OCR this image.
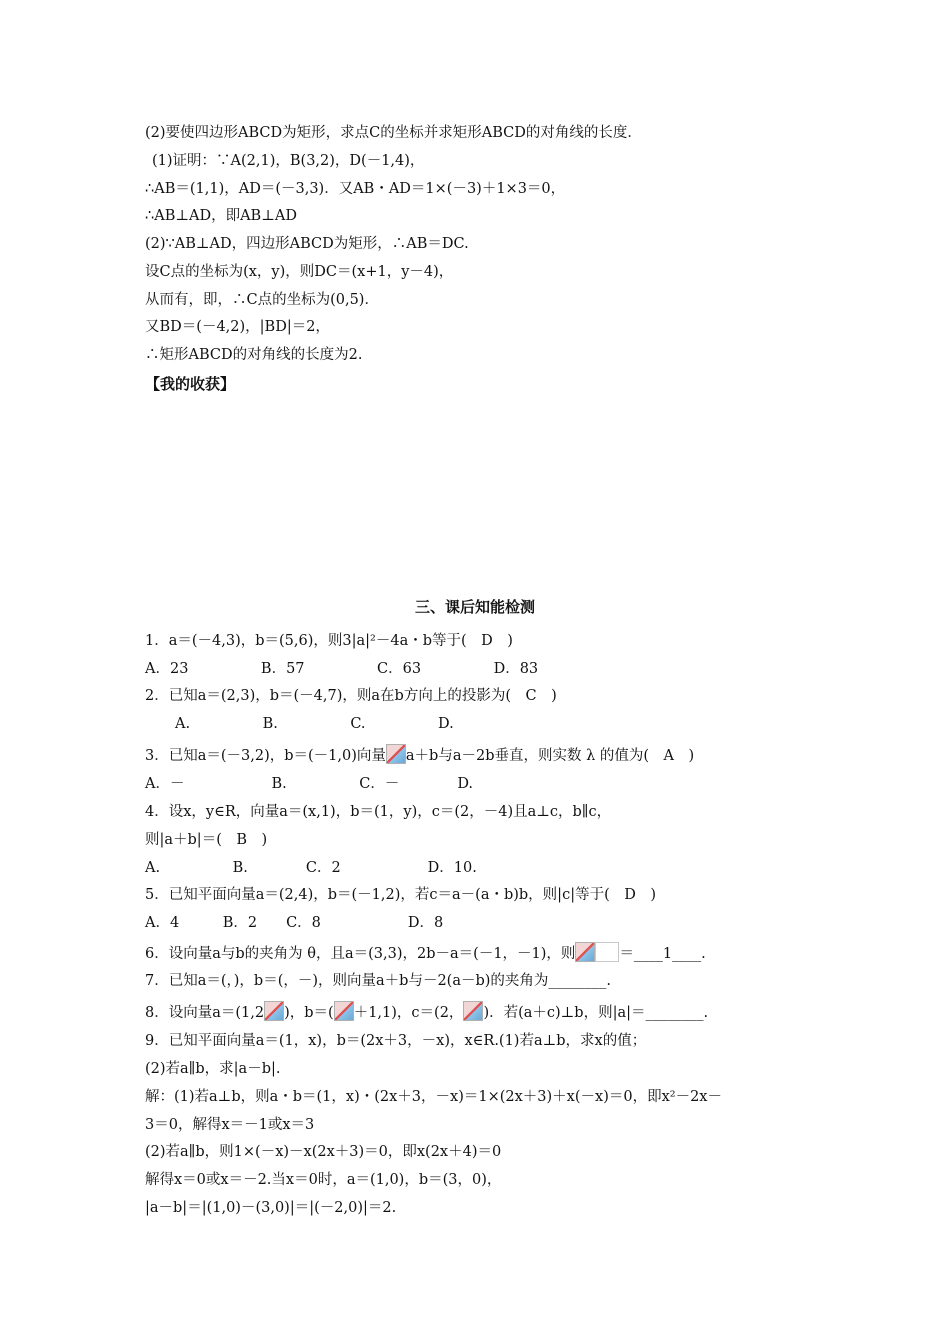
(2)要使四边形ABCD为矩形，求点C的坐标并求矩形ABCD的对角线的长度．
(1)证明：∵A(2,1)，B(3,2)，D(－1,4)，
∴AB＝(1,1)，AD＝(－3,3)．又AB・AD＝1×(－3)＋1×3＝0，
∴AB⊥AD，即AB⊥AD
(2)∵AB⊥AD，四边形ABCD为矩形，∴AB＝DC.
设C点的坐标为(x，y)，则DC＝(x+1，y－4)，
从而有，即，∴C点的坐标为(0,5)．
又BD＝(－4,2)，|BD|＝2，
∴矩形ABCD的对角线的长度为2.
【我的收获】
三、课后知能检测
1．a＝(－4,3)，b＝(5,6)，则3|a|²－4a・b等于(　D　)
A．23　　　　　B．57　　　　　C．63　　　　　D．83
2．已知a＝(2,3)，b＝(－4,7)，则a在b方向上的投影为(　C　)
A.　　　　　B.　　　　　C.　　　　　D.
3．已知a＝(－3,2)，b＝(－1,0)向量 a＋b与a－2b垂直，则实数 λ 的值为(　A　)
A．－　　　　　　B.　　　　　C．－　　　　D.
4．设x，y∈R，向量a＝(x,1)，b＝(1，y)，c＝(2，－4)且a⊥c，b∥c，
则|a＋b|＝(　B　)
A.　　　　　B.　　　　C．2　　　　　　D．10.
5．已知平面向量a＝(2,4)，b＝(－1,2)，若c＝a－(a・b)b，则|c|等于(　D　)
A．4　　　B．2　　C．8　　　　　　D．8
6．设向量a与b的夹角为 θ，且a＝(3,3)，2b－a＝(－1，－1)，则	＝____1____.
7．已知a＝(，)，b＝(，－)，则向量a＋b与－2(a－b)的夹角为________.
8．设向量a＝(1,2 )，b＝( ＋1,1)，c＝(2， )．若(a＋c)⊥b，则|a|＝________.
9．已知平面向量a＝(1，x)，b＝(2x＋3，－x)，x∈R.(1)若a⊥b，求x的值；
(2)若a∥b，求|a－b|.
解：(1)若a⊥b，则a・b＝(1，x)・(2x＋3，－x)＝1×(2x＋3)＋x(－x)＝0，即x²－2x－
3＝0，解得x＝－1或x＝3
(2)若a∥b，则1×(－x)－x(2x＋3)＝0，即x(2x＋4)＝0
解得x＝0或x＝－2.当x＝0时，a＝(1,0)，b＝(3，0)，
|a－b|＝|(1,0)－(3,0)|＝|(－2,0)|＝2.
